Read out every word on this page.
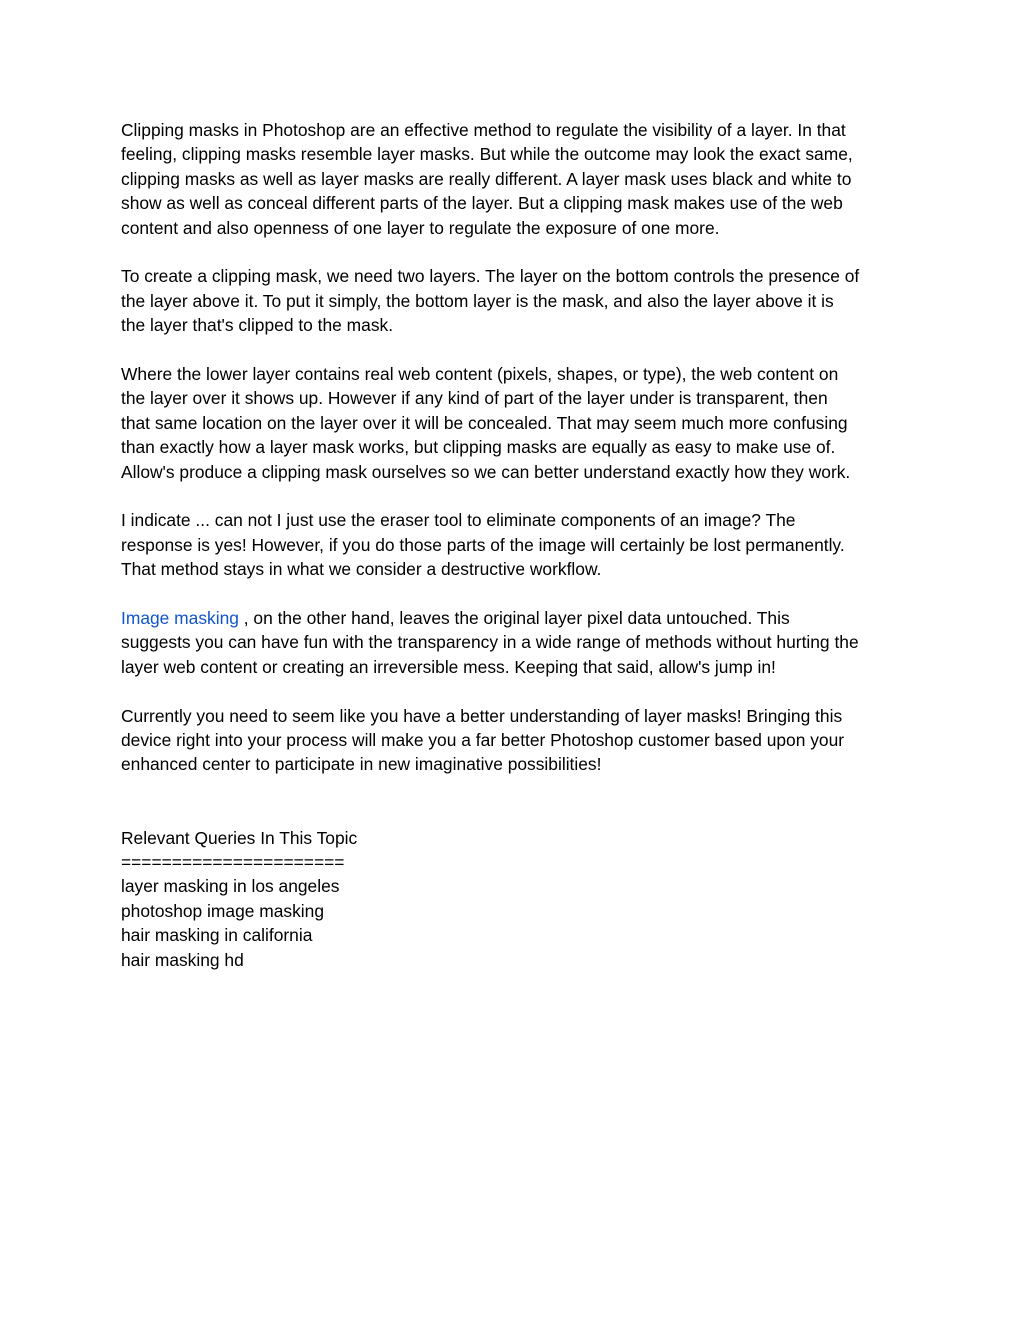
Clipping masks in Photoshop are an effective method to regulate the visibility of a layer. In that
feeling, clipping masks resemble layer masks. But while the outcome may look the exact same,
clipping masks as well as layer masks are really different. A layer mask uses black and white to
show as well as conceal different parts of the layer. But a clipping mask makes use of the web
content and also openness of one layer to regulate the exposure of one more.

To create a clipping mask, we need two layers. The layer on the bottom controls the presence of
the layer above it. To put it simply, the bottom layer is the mask, and also the layer above it is
the layer that's clipped to the mask.

Where the lower layer contains real web content (pixels, shapes, or type), the web content on
the layer over it shows up. However if any kind of part of the layer under is transparent, then
that same location on the layer over it will be concealed. That may seem much more confusing
than exactly how a layer mask works, but clipping masks are equally as easy to make use of.
Allow's produce a clipping mask ourselves so we can better understand exactly how they work.

I indicate ... can not I just use the eraser tool to eliminate components of an image? The
response is yes! However, if you do those parts of the image will certainly be lost permanently.
That method stays in what we consider a destructive workflow.

Image masking , on the other hand, leaves the original layer pixel data untouched. This
suggests you can have fun with the transparency in a wide range of methods without hurting the
layer web content or creating an irreversible mess. Keeping that said, allow's jump in!

Currently you need to seem like you have a better understanding of layer masks! Bringing this
device right into your process will make you a far better Photoshop customer based upon your
enhanced center to participate in new imaginative possibilities!

Relevant Queries In This Topic
======================
layer masking in los angeles
photoshop image masking
hair masking in california
hair masking hd
